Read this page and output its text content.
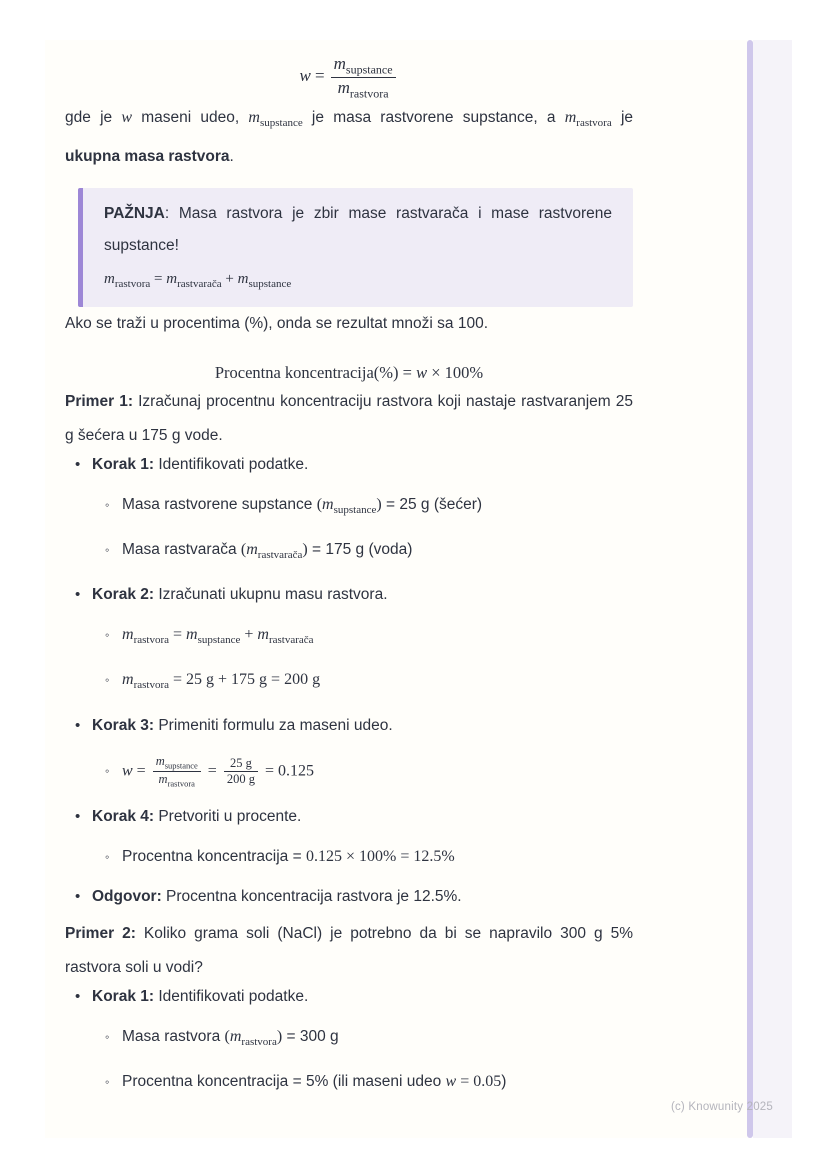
$w = \frac{m_{supstance}}{m_{rastvora}}$

gde je w maseni udeo, $m_{supstance}$ je masa rastvorene supstance, a $m_{rastvora}$ je ukupna masa rastvora.

PAŽNJA: Masa rastvora je zbir mase rastvarača i mase rastvorene supstance!

$m_{rastvora} = m_{rastvarača} + m_{supstance}$

Ako se traži u procentima (%), onda se rezultat množi sa 100.

Procentna koncentracija(%) = w × 100%

Primer 1: Izračunaj procentnu koncentraciju rastvora koji nastaje rastvaranjem 25 g šećera u 175 g vode.

• Korak 1: Identifikovati podatke.
◦ Masa rastvorene supstance $(m_{supstance}) = 25$ g (šećer)
◦ Masa rastvarača $(m_{rastvarača}) = 175$ g (voda)
• Korak 2: Izračunati ukupnu masu rastvora.
◦ $m_{rastvora} = m_{supstance} + m_{rastvarača}$
◦ $m_{rastvora} = 25$ g + 175 g = 200 g
• Korak 3: Primeniti formulu za maseni udeo.
◦ $w = \frac{m_{supstance}}{m_{rastvora}} = \frac{25 g}{200 g} = 0.125$
• Korak 4: Pretvoriti u procente.
◦ Procentna koncentracija = 0.125 × 100% = 12.5%
• Odgovor: Procentna koncentracija rastvora je 12.5%.

Primer 2: Koliko grama soli (NaCl) je potrebno da bi se napravilo 300 g 5% rastvora soli u vodi?

• Korak 1: Identifikovati podatke.
◦ Masa rastvora $(m_{rastvora}) = 300$ g
◦ Procentna koncentracija = 5% (ili maseni udeo w = 0.05)
(c) Knowunity 2025
